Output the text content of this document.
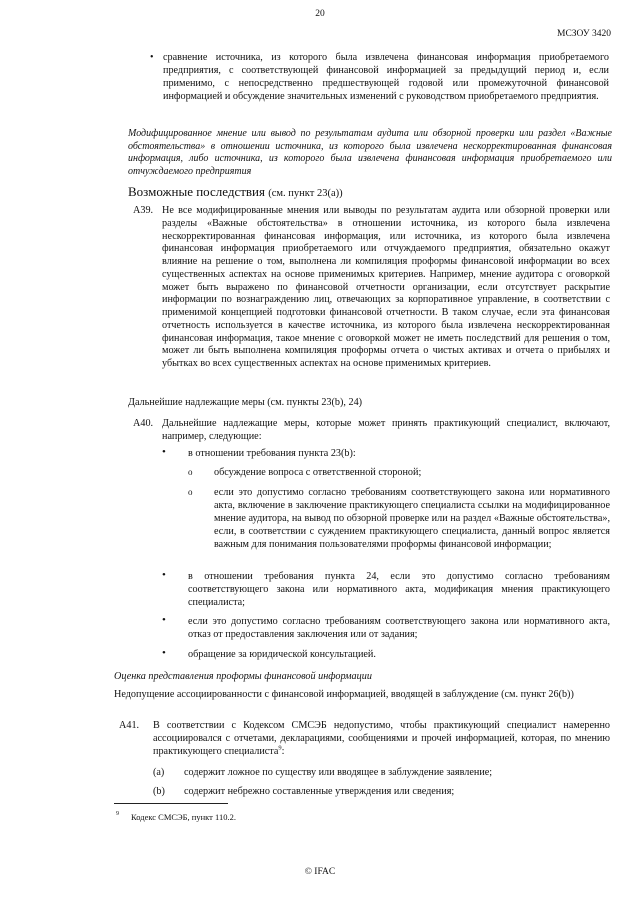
20
МСЗОУ 3420
• сравнение источника, из которого была извлечена финансовая информация приобретаемого предприятия, с соответствующей финансовой информацией за предыдущий период и, если применимо, с непосредственно предшествующей годовой или промежуточной финансовой информацией и обсуждение значительных изменений с руководством приобретаемого предприятия.
Модифицированное мнение или вывод по результатам аудита или обзорной проверки или раздел «Важные обстоятельства» в отношении источника, из которого была извлечена нескорректированная финансовая информация, либо источника, из которого была извлечена финансовая информация приобретаемого или отчуждаемого предприятия
Возможные последствия (см. пункт 23(а))
A39. Не все модифицированные мнения или выводы по результатам аудита или обзорной проверки или разделы «Важные обстоятельства» в отношении источника, из которого была извлечена нескорректированная финансовая информация, или источника, из которого была извлечена финансовая информация приобретаемого или отчуждаемого предприятия, обязательно окажут влияние на решение о том, выполнена ли компиляция проформы финансовой информации во всех существенных аспектах на основе применимых критериев. Например, мнение аудитора с оговоркой может быть выражено по финансовой отчетности организации, если отсутствует раскрытие информации по вознаграждению лиц, отвечающих за корпоративное управление, в соответствии с применимой концепцией подготовки финансовой отчетности. В таком случае, если эта финансовая отчетность используется в качестве источника, из которого была извлечена нескорректированная финансовая информация, такое мнение с оговоркой может не иметь последствий для решения о том, может ли быть выполнена компиляция проформы отчета о чистых активах и отчета о прибылях и убытках во всех существенных аспектах на основе применимых критериев.
Дальнейшие надлежащие меры (см. пункты 23(b), 24)
A40. Дальнейшие надлежащие меры, которые может принять практикующий специалист, включают, например, следующие:
• в отношении требования пункта 23(b):
o обсуждение вопроса с ответственной стороной;
o если это допустимо согласно требованиям соответствующего закона или нормативного акта, включение в заключение практикующего специалиста ссылки на модифицированное мнение аудитора, на вывод по обзорной проверке или на раздел «Важные обстоятельства», если, в соответствии с суждением практикующего специалиста, данный вопрос является важным для понимания пользователями проформы финансовой информации;
• в отношении требования пункта 24, если это допустимо согласно требованиям соответствующего закона или нормативного акта, модификация мнения практикующего специалиста;
• если это допустимо согласно требованиям соответствующего закона или нормативного акта, отказ от предоставления заключения или от задания;
• обращение за юридической консультацией.
Оценка представления проформы финансовой информации
Недопущение ассоциированности с финансовой информацией, вводящей в заблуждение (см. пункт 26(b))
A41. В соответствии с Кодексом СМСЭБ недопустимо, чтобы практикующий специалист намеренно ассоциировался с отчетами, декларациями, сообщениями и прочей информацией, которая, по мнению практикующего специалиста$^9$:
(a) содержит ложное по существу или вводящее в заблуждение заявление;
(b) содержит небрежно составленные утверждения или сведения;
9 Кодекс СМСЭБ, пункт 110.2.
© IFAC
